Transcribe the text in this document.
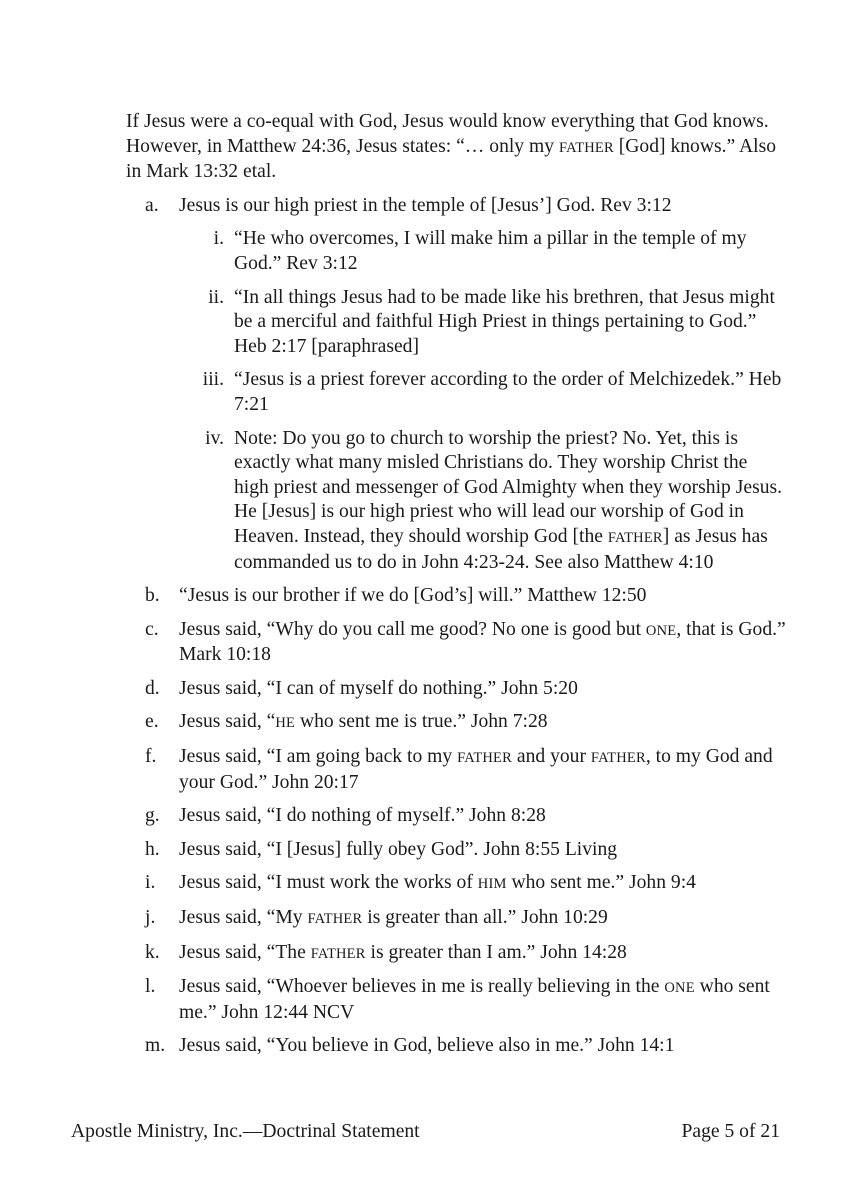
If Jesus were a co-equal with God, Jesus would know everything that God knows. However, in Matthew 24:36, Jesus states: “… only my FATHER [God] knows.” Also in Mark 13:32 etal.

a.	Jesus is our high priest in the temple of [Jesus’] God. Rev 3:12
i. “He who overcomes, I will make him a pillar in the temple of my God.” Rev 3:12
ii. “In all things Jesus had to be made like his brethren, that Jesus might be a merciful and faithful High Priest in things pertaining to God.” Heb 2:17 [paraphrased]
iii. “Jesus is a priest forever according to the order of Melchizedek.” Heb 7:21
iv. Note: Do you go to church to worship the priest? No. Yet, this is exactly what many misled Christians do. They worship Christ the high priest and messenger of God Almighty when they worship Jesus. He [Jesus] is our high priest who will lead our worship of God in Heaven. Instead, they should worship God [the FATHER] as Jesus has commanded us to do in John 4:23-24. See also Matthew 4:10
b. “Jesus is our brother if we do [God’s] will.” Matthew 12:50
c.	Jesus said, “Why do you call me good? No one is good but ONE, that is God.” Mark 10:18
d. Jesus said, “I can of myself do nothing.” John 5:20
e.	Jesus said, “HE who sent me is true.” John 7:28
f.	Jesus said, “I am going back to my FATHER and your FATHER, to my God and your God.” John 20:17
g. Jesus said, “I do nothing of myself.” John 8:28
h. Jesus said, “I [Jesus] fully obey God”. John 8:55 Living
i.	Jesus said, “I must work the works of HIM who sent me.” John 9:4
j.	Jesus said, “My FATHER is greater than all.” John 10:29
k. Jesus said, “The FATHER is greater than I am.” John 14:28
l.	Jesus said, “Whoever believes in me is really believing in the ONE who sent me.” John 12:44 NCV
m. Jesus said, “You believe in God, believe also in me.” John 14:1
Apostle Ministry, Inc.—Doctrinal Statement	Page 5 of 21
